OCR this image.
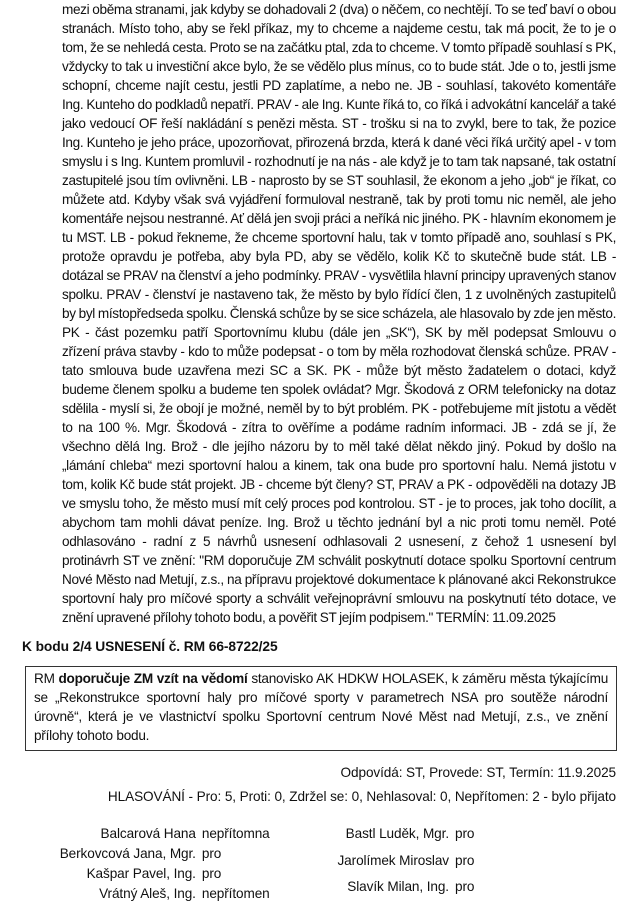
mezi oběma stranami, jak kdyby se dohadovali 2 (dva) o něčem, co nechtějí. To se teď baví o obou stranách. Místo toho, aby se řekl příkaz, my to chceme a najdeme cestu, tak má pocit, že to je o tom, že se nehledá cesta. Proto se na začátku ptal, zda to chceme. V tomto případě souhlasí s PK, vždycky to tak u investiční akce bylo, že se vědělo plus mínus, co to bude stát. Jde o to, jestli jsme schopní, chceme najít cestu, jestli PD zaplatíme, a nebo ne. JB - souhlasí, takovéto komentáře Ing. Kunteho do podkladů nepatří. PRAV - ale Ing. Kunte říká to, co říká i advokátní kancelář a také jako vedoucí OF řeší nakládání s penězi města. ST - trošku si na to zvykl, bere to tak, že pozice Ing. Kunteho je jeho práce, upozorňovat, přirozená brzda, která k dané věci říká určitý apel - v tom smyslu i s Ing. Kuntem promluvil - rozhodnutí je na nás - ale když je to tam tak napsané, tak ostatní zastupitelé jsou tím ovlivněni. LB - naprosto by se ST souhlasil, že ekonom a jeho „job“ je říkat, co můžete atd. Kdyby však svá vyjádření formuloval nestraně, tak by proti tomu nic neměl, ale jeho komentáře nejsou nestranné. Ať dělá jen svoji práci a neříká nic jiného. PK - hlavním ekonomem je tu MST. LB - pokud řekneme, že chceme sportovní halu, tak v tomto případě ano, souhlasí s PK, protože opravdu je potřeba, aby byla PD, aby se vědělo, kolik Kč to skutečně bude stát. LB - dotázal se PRAV na členství a jeho podmínky. PRAV - vysvětlila hlavní principy upravených stanov spolku. PRAV - členství je nastaveno tak, že město by bylo řídící člen, 1 z uvolněných zastupitelů by byl místopředseda spolku. Členská schůze by se sice scházela, ale hlasovalo by zde jen město. PK - část pozemku patří Sportovnímu klubu (dále jen „SK“), SK by měl podepsat Smlouvu o zřízení práva stavby - kdo to může podepsat - o tom by měla rozhodovat členská schůze. PRAV - tato smlouva bude uzavřena mezi SC a SK. PK - může být město žadatelem o dotaci, když budeme členem spolku a budeme ten spolek ovládat? Mgr. Škodová z ORM telefonicky na dotaz sdělila - myslí si, že obojí je možné, neměl by to být problém. PK - potřebujeme mít jistotu a vědět to na 100 %. Mgr. Škodová - zítra to ověříme a podáme radním informaci. JB - zdá se jí, že všechno dělá Ing. Brož - dle jejího názoru by to měl také dělat někdo jiný. Pokud by došlo na „lámání chleba“ mezi sportovní halou a kinem, tak ona bude pro sportovní halu. Nemá jistotu v tom, kolik Kč bude stát projekt. JB - chceme být členy? ST, PRAV a PK - odpověděli na dotazy JB ve smyslu toho, že město musí mít celý proces pod kontrolou. ST - je to proces, jak toho docílit, a abychom tam mohli dávat peníze. Ing. Brož u těchto jednání byl a nic proti tomu neměl. Poté odhlasováno - radní z 5 návrhů usnesení odhlasovali 2 usnesení, z čehož 1 usnesení byl protinávrh ST ve znění: "RM doporučuje ZM schválit poskytnutí dotace spolku Sportovní centrum Nové Město nad Metují, z.s., na přípravu projektové dokumentace k plánované akci Rekonstrukce sportovní haly pro míčové sporty a schválit veřejnoprávní smlouvu na poskytnutí této dotace, ve znění upravené přílohy tohoto bodu, a pověřit ST jejím podpisem." TERMÍN: 11.09.2025

K bodu 2/4 USNESENÍ č. RM 66-8722/25

RM doporučuje ZM vzít na vědomí stanovisko AK HDKW HOLASEK, k záměru města týkajícímu se „Rekonstrukce sportovní haly pro míčové sporty v parametrech NSA pro soutěže národní úrovně“, která je ve vlastnictví spolku Sportovní centrum Nové Měst nad Metují, z.s., ve znění přílohy tohoto bodu.

Odpovídá: ST, Provede: ST, Termín: 11.9.2025

HLASOVÁNÍ - Pro: 5, Proti: 0, Zdržel se: 0, Nehlasoval: 0, Nepřítomen: 2 - bylo přijato

Balcarová Hana	nepřítomna
Berkovcová Jana, Mgr.	pro
Kašpar Pavel, Ing.	pro
Vrátný Aleš, Ing.	nepřítomen
Bastl Luděk, Mgr.	pro
Jarolímek Miroslav	pro
Slavík Milan, Ing.	pro
